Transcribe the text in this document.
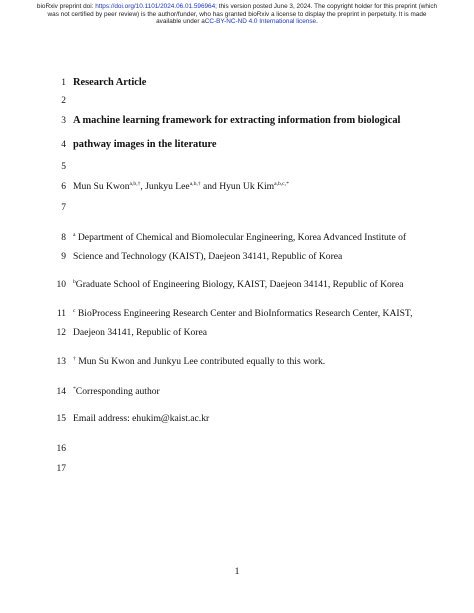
bioRxiv preprint doi: https://doi.org/10.1101/2024.06.01.596964; this version posted June 3, 2024. The copyright holder for this preprint (which
was not certified by peer review) is the author/funder, who has granted bioRxiv a license to display the preprint in perpetuity. It is made
available under aCC-BY-NC-ND 4.0 International license.
1 Research Article
2
3 A machine learning framework for extracting information from biological
4 pathway images in the literature
5
6 Mun Su Kwon$^{a,b,\dagger}$, Junkyu Lee$^{a,b,\dagger}$ and Hyun Uk Kim$^{a,b,c,*}$
7
8 $^a$ Department of Chemical and Biomolecular Engineering, Korea Advanced Institute of
9 Science and Technology (KAIST), Daejeon 34141, Republic of Korea
10 $^b$Graduate School of Engineering Biology, KAIST, Daejeon 34141, Republic of Korea
11 $^c$ BioProcess Engineering Research Center and BioInformatics Research Center, KAIST,
12 Daejeon 34141, Republic of Korea
13 † Mun Su Kwon and Junkyu Lee contributed equally to this work.
14 *Corresponding author
15 Email address: ehukim@kaist.ac.kr
16
17
1
